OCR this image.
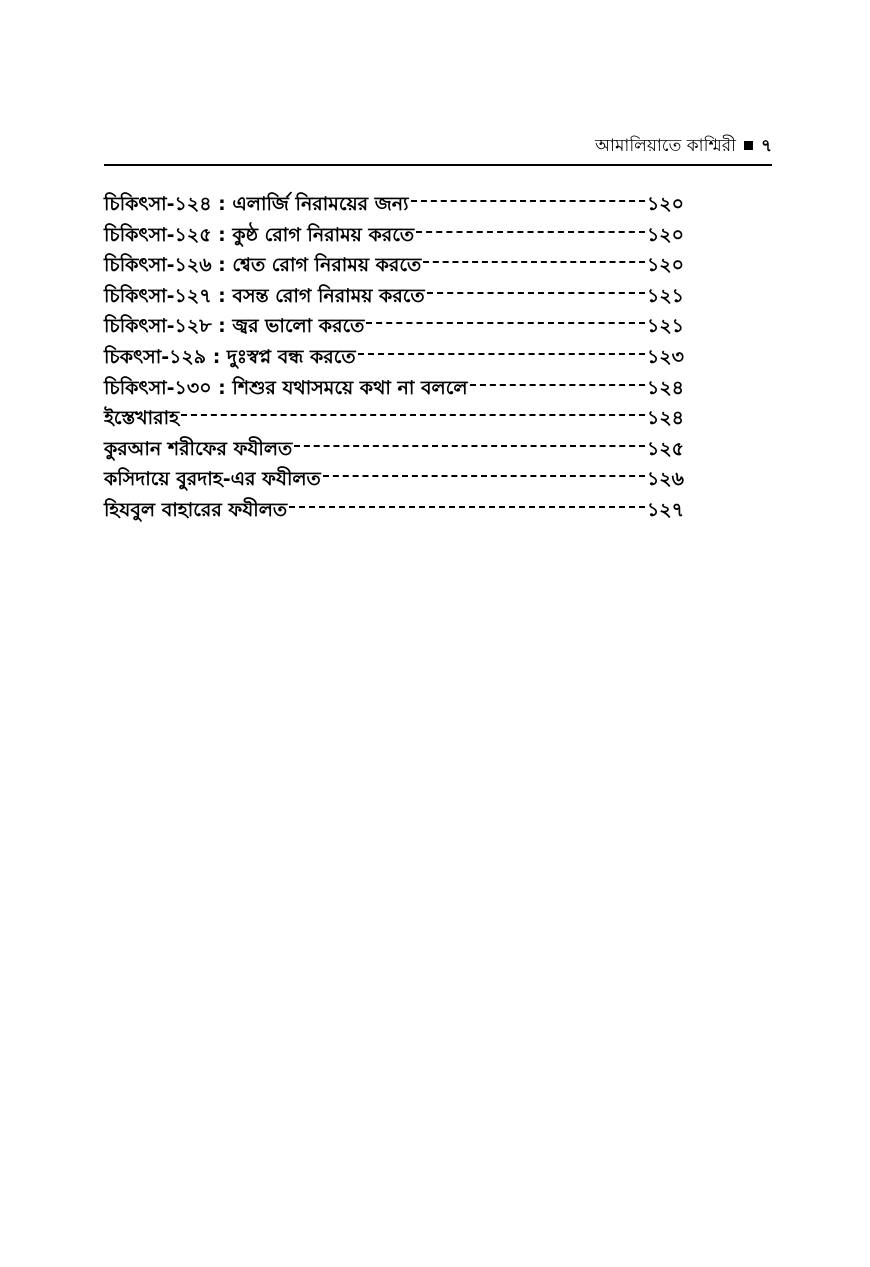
আমালিয়াতে কাশ্মিরী ৭
চিকিৎসা-১২৪ : এলার্জি নিরাময়ের জন্য	১২০
চিকিৎসা-১২৫ : কুষ্ঠ রোগ নিরাময় করতে	১২০
চিকিৎসা-১২৬ : শ্বেত রোগ নিরাময় করতে	১২০
চিকিৎসা-১২৭ : বসন্ত রোগ নিরাময় করতে	১২১
চিকিৎসা-১২৮ : জ্বর ভালো করতে	১২১
চিকৎসা-১২৯ : দুঃস্বপ্ন বন্ধ করতে	১২৩
চিকিৎসা-১৩০ : শিশুর যথাসময়ে কথা না বললে	১২৪
ইস্তেখারাহ	১২৪
কুরআন শরীফের ফযীলত	১২৫
কসিদায়ে বুরদাহ-এর ফযীলত	১২৬
হিযবুল বাহারের ফযীলত	১২৭
